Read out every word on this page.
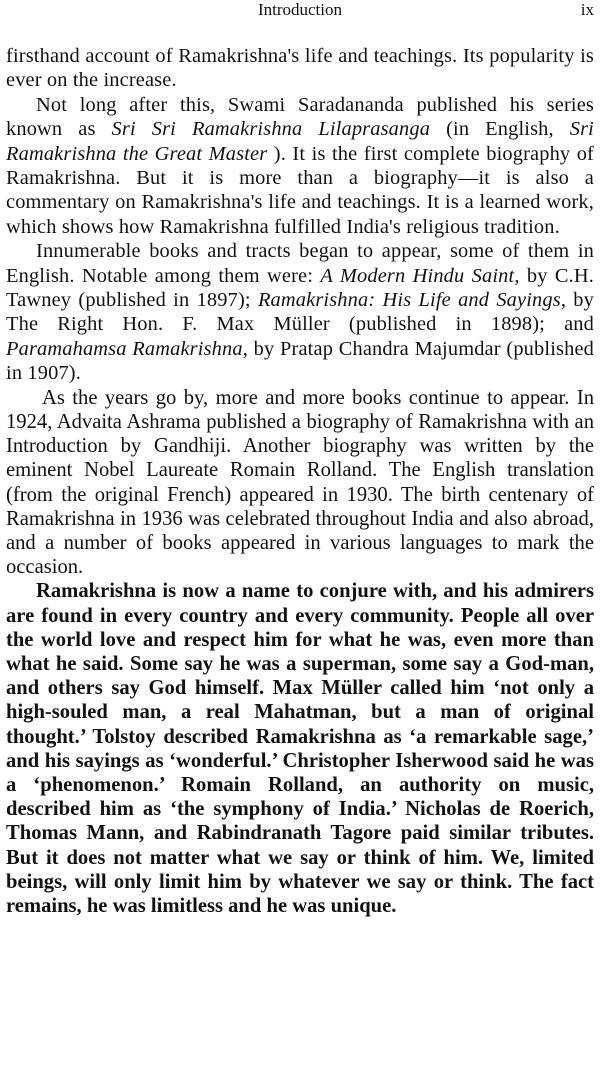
Introduction	ix

firsthand account of Ramakrishna's life and teachings. Its popularity is ever on the increase.

Not long after this, Swami Saradananda published his series known as Sri Sri Ramakrishna Lilaprasanga (in English, Sri Ramakrishna the Great Master ). It is the first complete biography of Ramakrishna. But it is more than a biography—it is also a commentary on Ramakrishna's life and teachings. It is a learned work, which shows how Ramakrishna fulfilled India's religious tradition.

Innumerable books and tracts began to appear, some of them in English. Notable among them were: A Modern Hindu Saint, by C.H. Tawney (published in 1897); Ramakrishna: His Life and Sayings, by The Right Hon. F. Max Müller (published in 1898); and Paramahamsa Ramakrishna, by Pratap Chandra Majumdar (published in 1907).

As the years go by, more and more books continue to appear. In 1924, Advaita Ashrama published a biography of Ramakrishna with an Introduction by Gandhiji. Another biography was written by the eminent Nobel Laureate Romain Rolland. The English translation (from the original French) appeared in 1930. The birth centenary of Ramakrishna in 1936 was celebrated throughout India and also abroad, and a number of books appeared in various languages to mark the occasion.

Ramakrishna is now a name to conjure with, and his admirers are found in every country and every community. People all over the world love and respect him for what he was, even more than what he said. Some say he was a superman, some say a God-man, and others say God himself. Max Müller called him ‘not only a high-souled man, a real Mahatman, but a man of original thought.’ Tolstoy described Ramakrishna as ‘a remarkable sage,’ and his sayings as ‘wonderful.’ Christopher Isherwood said he was a ‘phenomenon.’ Romain Rolland, an authority on music, described him as ‘the symphony of India.’ Nicholas de Roerich, Thomas Mann, and Rabindranath Tagore paid similar tributes. But it does not matter what we say or think of him. We, limited beings, will only limit him by whatever we say or think. The fact remains, he was limitless and he was unique.
